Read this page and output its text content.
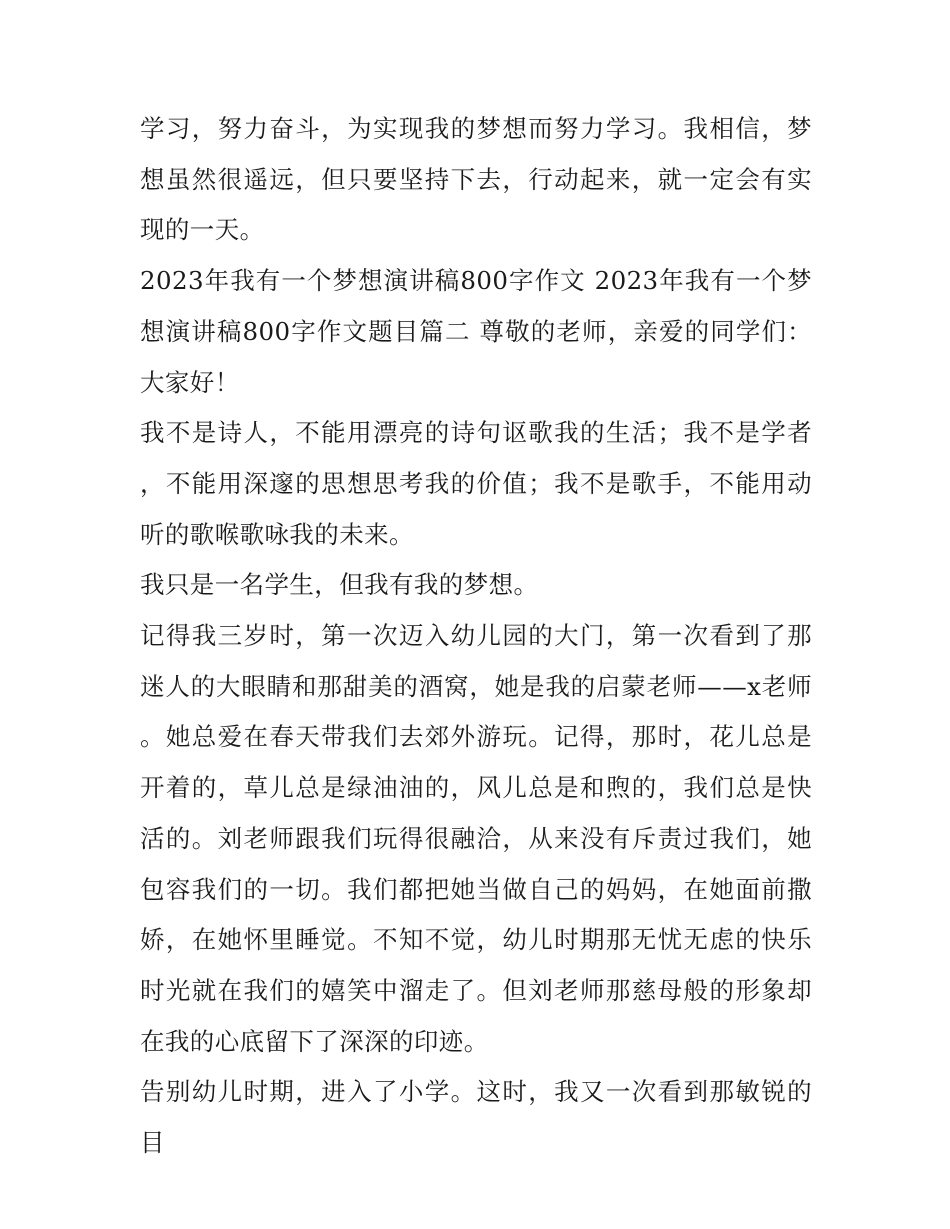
学习，努力奋斗，为实现我的梦想而努力学习。我相信，梦想虽然很遥远，但只要坚持下去，行动起来，就一定会有实现的一天。

2023年我有一个梦想演讲稿800字作文 2023年我有一个梦想演讲稿800字作文题目篇二 尊敬的老师，亲爱的同学们： 大家好！

我不是诗人，不能用漂亮的诗句讴歌我的生活；我不是学者，不能用深邃的思想思考我的价值；我不是歌手，不能用动听的歌喉歌咏我的未来。

我只是一名学生，但我有我的梦想。

记得我三岁时，第一次迈入幼儿园的大门，第一次看到了那迷人的大眼睛和那甜美的酒窝，她是我的启蒙老师——x老师。她总爱在春天带我们去郊外游玩。记得，那时，花儿总是开着的，草儿总是绿油油的，风儿总是和煦的，我们总是快活的。刘老师跟我们玩得很融洽，从来没有斥责过我们，她包容我们的一切。我们都把她当做自己的妈妈，在她面前撒娇，在她怀里睡觉。不知不觉，幼儿时期那无忧无虑的快乐时光就在我们的嬉笑中溜走了。但刘老师那慈母般的形象却在我的心底留下了深深的印迹。

告别幼儿时期，进入了小学。这时，我又一次看到那敏锐的目
